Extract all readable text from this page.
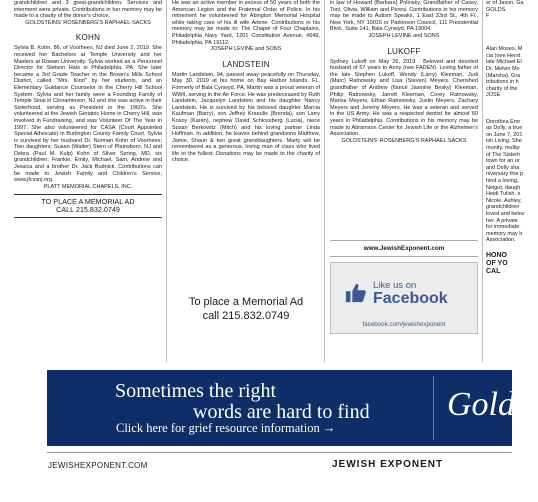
grandchildren and 3 great-grandchildren. Services and interment were private. Contributions in her memory may be made to a charity of the donor's choice.

GOLDSTEINS' ROSENBERG'S RAPHAEL-SACKS

KOHN

Sylvia B. Kohn, 86, of Voorhees, NJ died June 2, 2019. She received her Bachelors at Temple University and her Masters at Rowan University. Sylvia worked as a Personnel Director for Stetson Hats in Philadelphia, PA. She later became a 3rd Grade Teacher in the Brown's Mills School District, called "Mrs. Kind" by her students, and an Elementary Guidance Counselor in the Cherry Hill School System. Sylvia and her family were a Founding Family of Temple Sinai in Cinnaminson, NJ and she was active in their Sisterhood, serving as President in the 1960's. She volunteered at the Jewish Geriatric Home in Cherry Hill, was involved in Fundraising, and was Volunteer Of The Year in 1997. She also volunteered for CASA (Court Appointed Special Advocate) in Burlington County Family Court. Sylvia is survived by her husband Dr. Norman Kohn of Voorhees; Two daughters; Susan (Walter) Stern of Plainsboro, NJ and Debra (Paul M. Kulp) Kohn of Silver Spring, MD, six grandchildren; Frankie, Emily, Michael, Sam, Andrew and Jessica and a brother Dr. Jack Budnick. Contributions can be made to Jewish Family and Children's Service, www.jfcssnj.org.

PLATT MEMORIAL CHAPELS, INC.

TO PLACE A MEMORIAL AD
CALL 215.832.0749

He was an active member in excess of 50 years of both the American Legion and the Fraternal Order of Police. In his retirement he volunteered for Abington Memorial Hospital while taking care of his ill wife Arlene. Contributions in his memory may be made to: The Chapel of Four Chaplains, Philadelphia Navy Yard, 1201 Constitution Avenue, #649, Philadelphia, PA 19112.

JOSEPH LEVINE and SONS

LANDSTEIN

Martin Landstein, 94, passed away peacefully on Thursday, May 30, 2019 at his home on Bay Harbor Islands, FL. Formerly of Bala Cynwyd, PA, Martin was a proud veteran of WWII, serving in the Air Force. He was predeceased by Ruth Landstein, Jacquelyn Landstein and his daughter Nancy Landstein. He is survived by his beloved daughter Marcia Kaufman (Barry), son Jeffrey Kraeulis (Brenda), son Larry Kosoy (Karen), nephew David Schlossberg (Lucia), niece Susan Berkowitz (Mitch) and his loving partner Linda Hoffman. In addition, he leaves behind grandsons Matthew, Jamie, Shaun & two great granddaughters. Marty will be remembered as a generous, loving man of class who lived life to the fullest. Donations may be made to the charity of choice.

To place a Memorial Ad
call 215.832.0749

in law of Howard (Barbara) Polinsky. Grandfather of Casey, Toni, Olivia, William and Penny. Contributions in his memory may be made to Autism Speaks, 1 East 33rd St., 4th Fl., New York, NY 10016 or Parkinson Council, 111 Presidential Blvd., Suite 141, Bala Cynwyd, PA 19004.

JOSEPH LEVINE and SONS

LUKOFF

Sydney Lukoff on May 26, 2019 . Beloved and devoted husband of 67 years to Anny (nee FADEN). Loving father of the late Stephen Lukoff, Wendy (Larry) Kleeman, Judi (Marc) Ratnowsky and Lisa (Steven) Meyers. Cherished grandfather of Andrew (fiancé Jasmine Besky) Kleeman, Philip Ratnowsky, Jarrett Kleeman, Corey Ratnowsky, Marisa Meyers, Ethan Ratnowsky, Justin Meyers, Zachary Meyers and Jeremy Meyers. He was a veteran and served in the US Army. He was a respected dentist for almost 60 years in Philadelphia. Contributions in his memory may be made to Abramson Center for Jewish Life or the Alzheimer's Association.

GOLDSTEINS' ROSENBERG'S RAPHAEL SACKS

www.JewishExponent.com
Like us on
Facebook
facebook.com/jewishexponent
er of Jason, Ga
GOLDS
F
Alan Moses, M
cia (nee Herst
late Michael El
Dr. Melvin Mo
(Marsha). Gra
tributions in h
charity of the
JOSE
Dorothea Emr
as Dolly, a true
on June 7, 201
ish Living. She
munity, multip
of The Sisterh
town for an ur
and Dolly sha
niversary this p
hind a loving,
Neigut, daugh
Heidi Tulish, s
Nicole, Ashley,
grandchildren
loved and belov
her. A private
for immediate
memory may b
Association.
HONO
OF YO
CAL
Sometimes the right
words are hard to find
Click here for grief resource information →
Goldst
JEWISHEXPONENT.COM	JEWISH EXPONENT
